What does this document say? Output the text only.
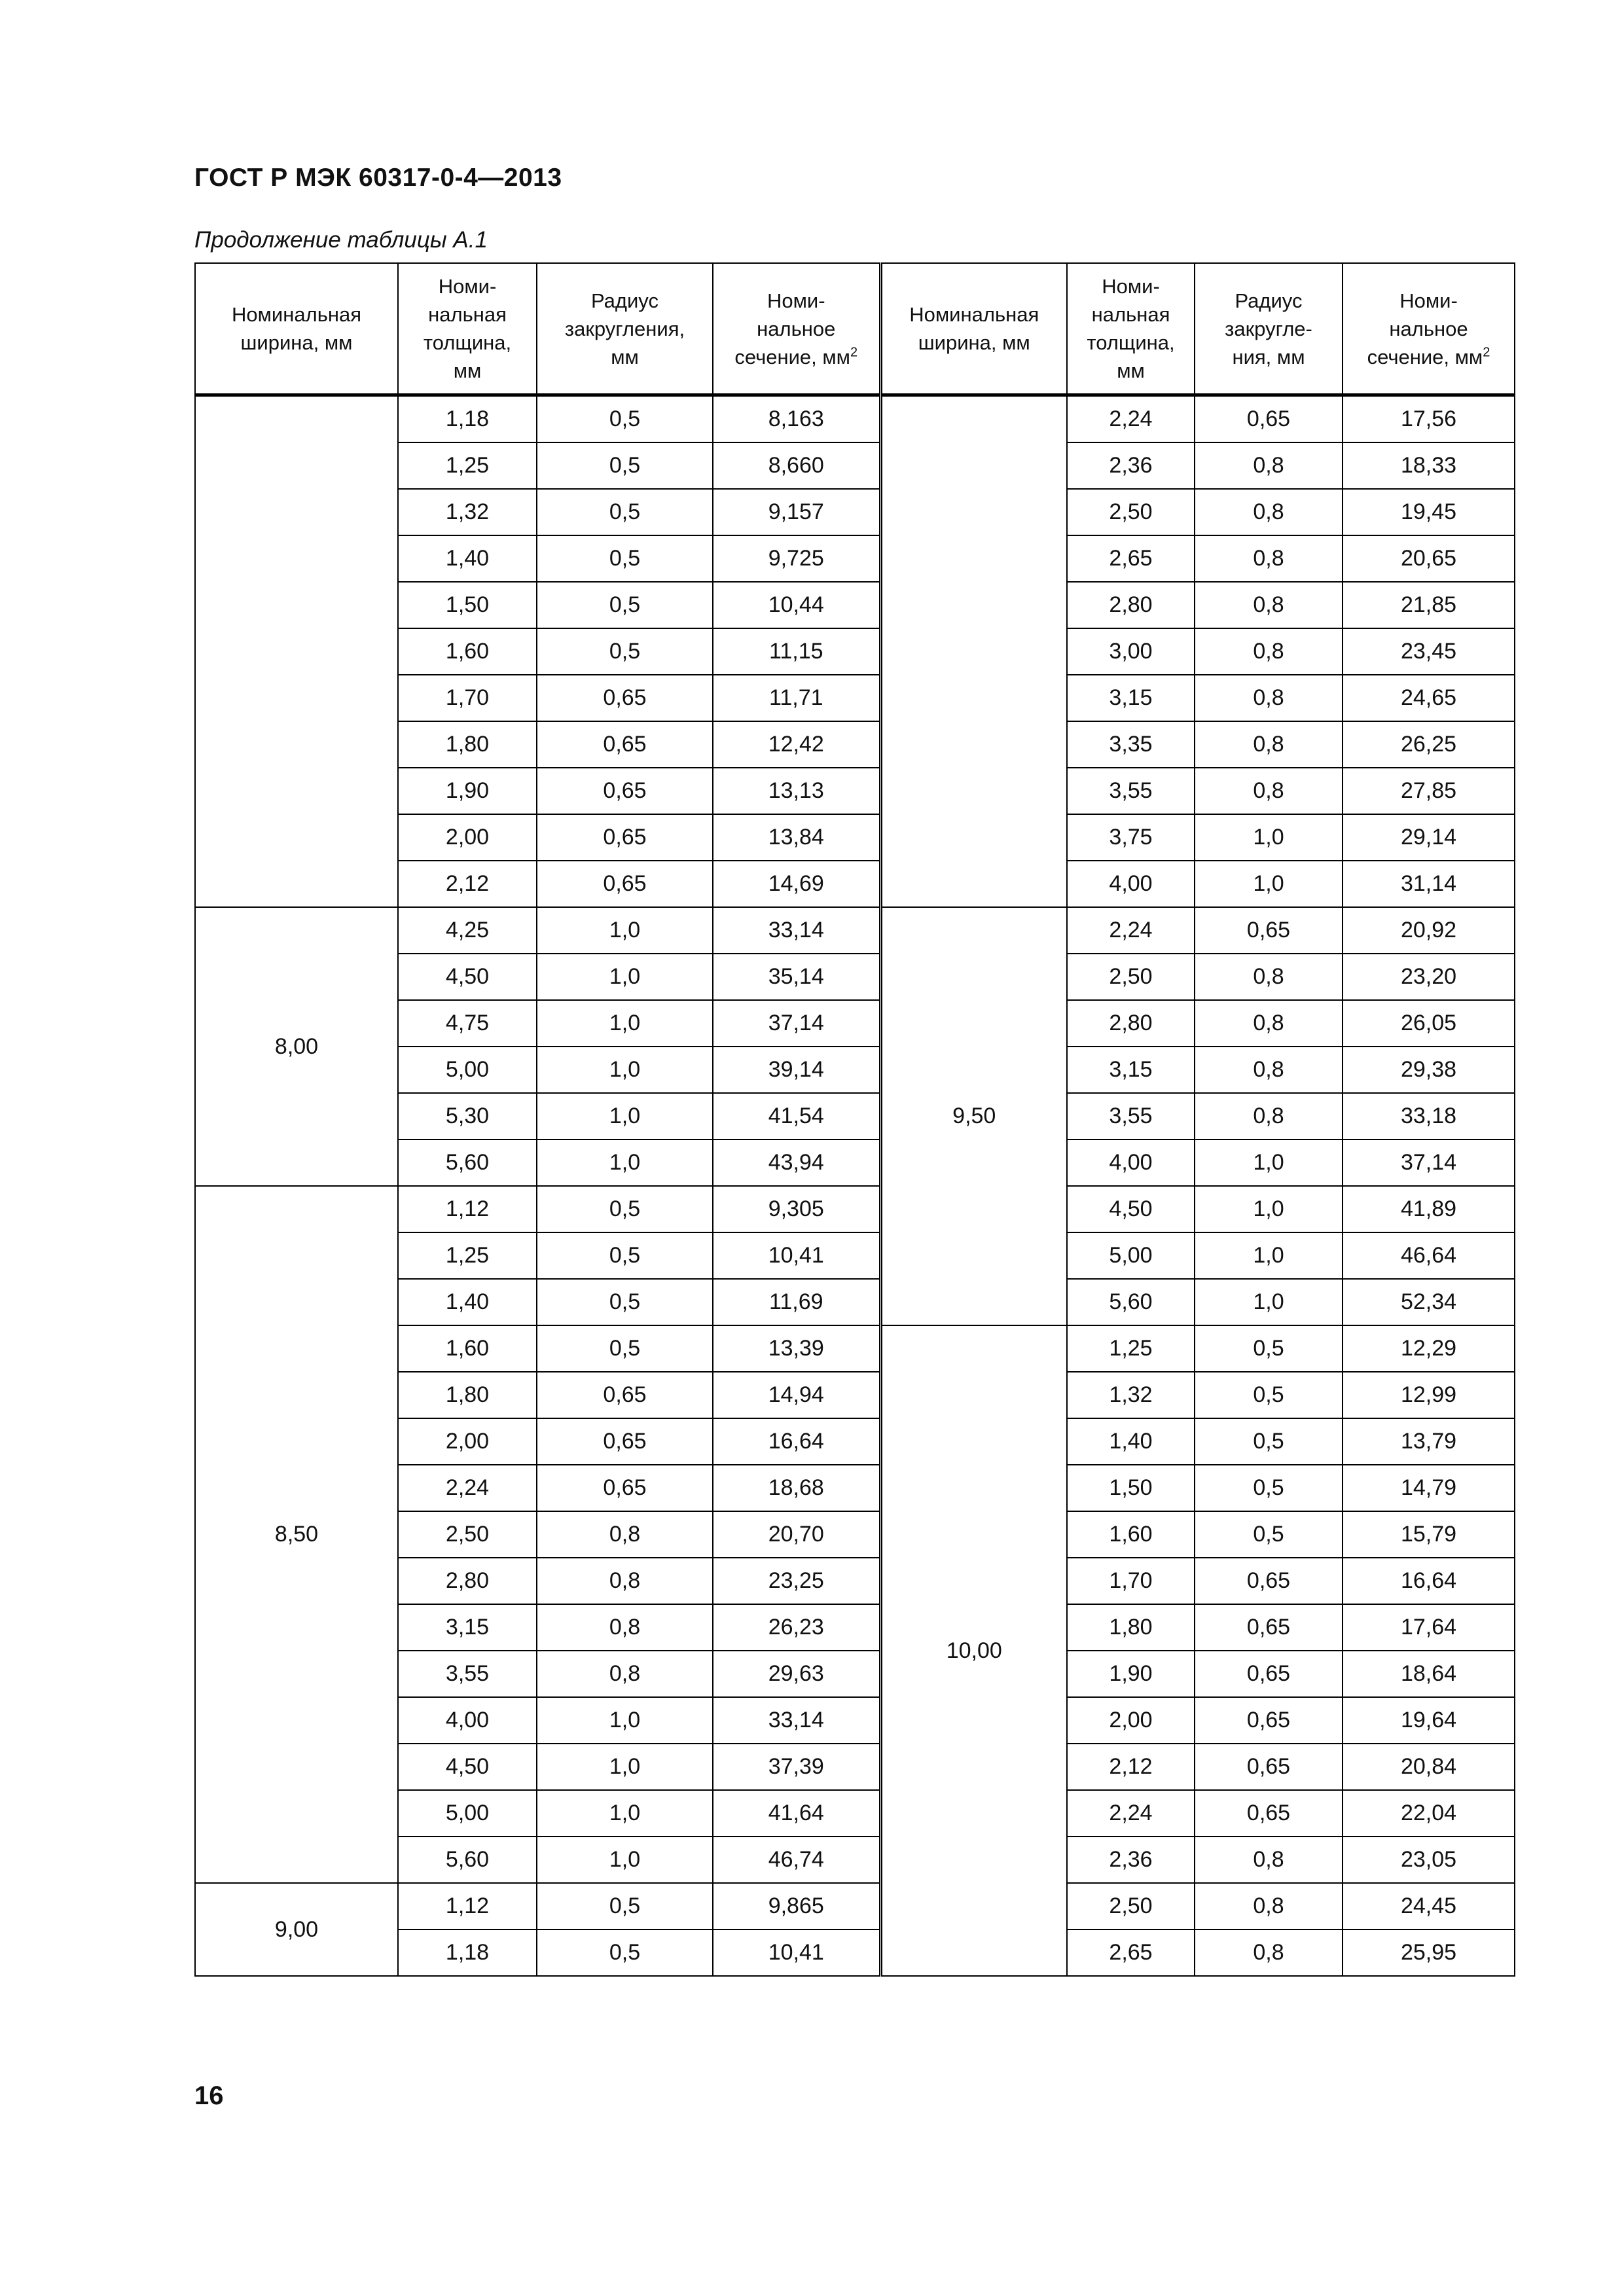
ГОСТ Р МЭК 60317-0-4—2013
Продолжение таблицы А.1
Номинальная
ширина, мм	Номи-
нальная
толщина,
мм	Радиус
закругления,
мм	Номи-
нальное
сечение, $мм^2$	Номинальная
ширина, мм	Номи-
нальная
толщина,
мм	Радиус
закругле-
ния, мм	Номи-
нальное
сечение, $мм^2$

	1,18	0,5	8,163		2,24	0,65	17,56
	1,25	0,5	8,660		2,36	0,8	18,33
	1,32	0,5	9,157		2,50	0,8	19,45
	1,40	0,5	9,725		2,65	0,8	20,65
	1,50	0,5	10,44		2,80	0,8	21,85
	1,60	0,5	11,15		3,00	0,8	23,45
	1,70	0,65	11,71		3,15	0,8	24,65
	1,80	0,65	12,42		3,35	0,8	26,25
	1,90	0,65	13,13		3,55	0,8	27,85
	2,00	0,65	13,84		3,75	1,0	29,14
	2,12	0,65	14,69		4,00	1,0	31,14
8,00	4,25	1,0	33,14	9,50	2,24	0,65	20,92
	4,50	1,0	35,14		2,50	0,8	23,20
	4,75	1,0	37,14		2,80	0,8	26,05
	5,00	1,0	39,14		3,15	0,8	29,38
	5,30	1,0	41,54		3,55	0,8	33,18
	5,60	1,0	43,94		4,00	1,0	37,14
8,50	1,12	0,5	9,305		4,50	1,0	41,89
	1,25	0,5	10,41		5,00	1,0	46,64
	1,40	0,5	11,69		5,60	1,0	52,34
	1,60	0,5	13,39	10,00	1,25	0,5	12,29
	1,80	0,65	14,94		1,32	0,5	12,99
	2,00	0,65	16,64		1,40	0,5	13,79
	2,24	0,65	18,68		1,50	0,5	14,79
	2,50	0,8	20,70		1,60	0,5	15,79
	2,80	0,8	23,25		1,70	0,65	16,64
	3,15	0,8	26,23		1,80	0,65	17,64
	3,55	0,8	29,63		1,90	0,65	18,64
	4,00	1,0	33,14		2,00	0,65	19,64
	4,50	1,0	37,39		2,12	0,65	20,84
	5,00	1,0	41,64		2,24	0,65	22,04
	5,60	1,0	46,74		2,36	0,8	23,05
9,00	1,12	0,5	9,865		2,50	0,8	24,45
	1,18	0,5	10,41		2,65	0,8	25,95
16
